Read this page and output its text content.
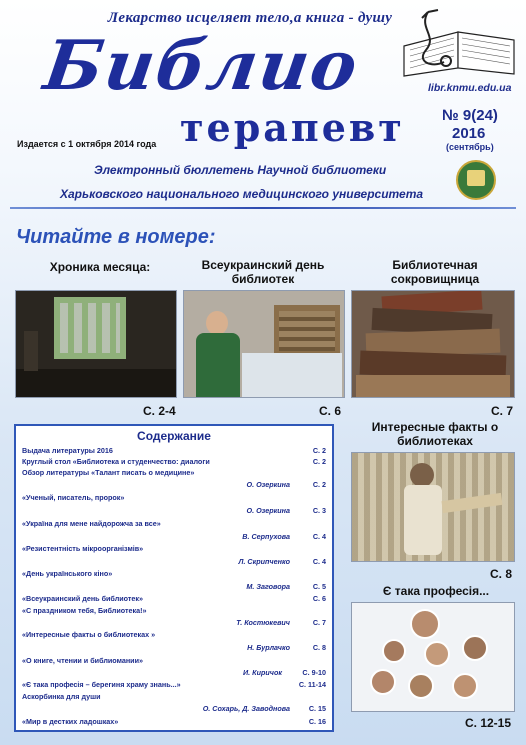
Лекарство исцеляет тело,а книга - душу
Библио
терапевт
libr.knmu.edu.ua
№ 9(24)
2016
(сентябрь)
Издается с 1 октября 2014 года
Электронный бюллетень Научной библиотеки
Харьковского национального медицинского университета
Читайте в номере:
Хроника месяца:
С. 2-4
Всеукраинский день библиотек
С. 6
Библиотечная сокровищница
С. 7
Интересные факты о библиотеках
С. 8
Є така професія...
С. 12-15
Содержание
Выдача литературы 2016	С. 2
Круглый стол «Библиотека и студенчество: диалоги	С. 2
Обзор литературы «Талант писать о медицине»
О. Озеркина	С. 2
«Ученый, писатель, пророк»
О. Озеркина	С. 3
«Україна для мене найдорожча за все»
В. Серпухова	С. 4
«Резистентність мікроорганізмів»
Л. Скрипченко	С. 4
«День українського кіно»
М. Заговора	С. 5
«Всеукраинский день библиотек»	С. 6
«С праздником тебя, Библиотека!»
Т. Костюкевич	С. 7
«Интересные факты о библиотеках »
Н. Бурлачко	С. 8
«О книге, чтении и библиомании»
И. Киричок	С. 9-10
«Є така професія – берегиня храму знань...»	С. 11-14
Аскорбинка для души
О. Сохарь, Д. Заводнова	С. 15
«Мир в дестких ладошках»	С. 16
